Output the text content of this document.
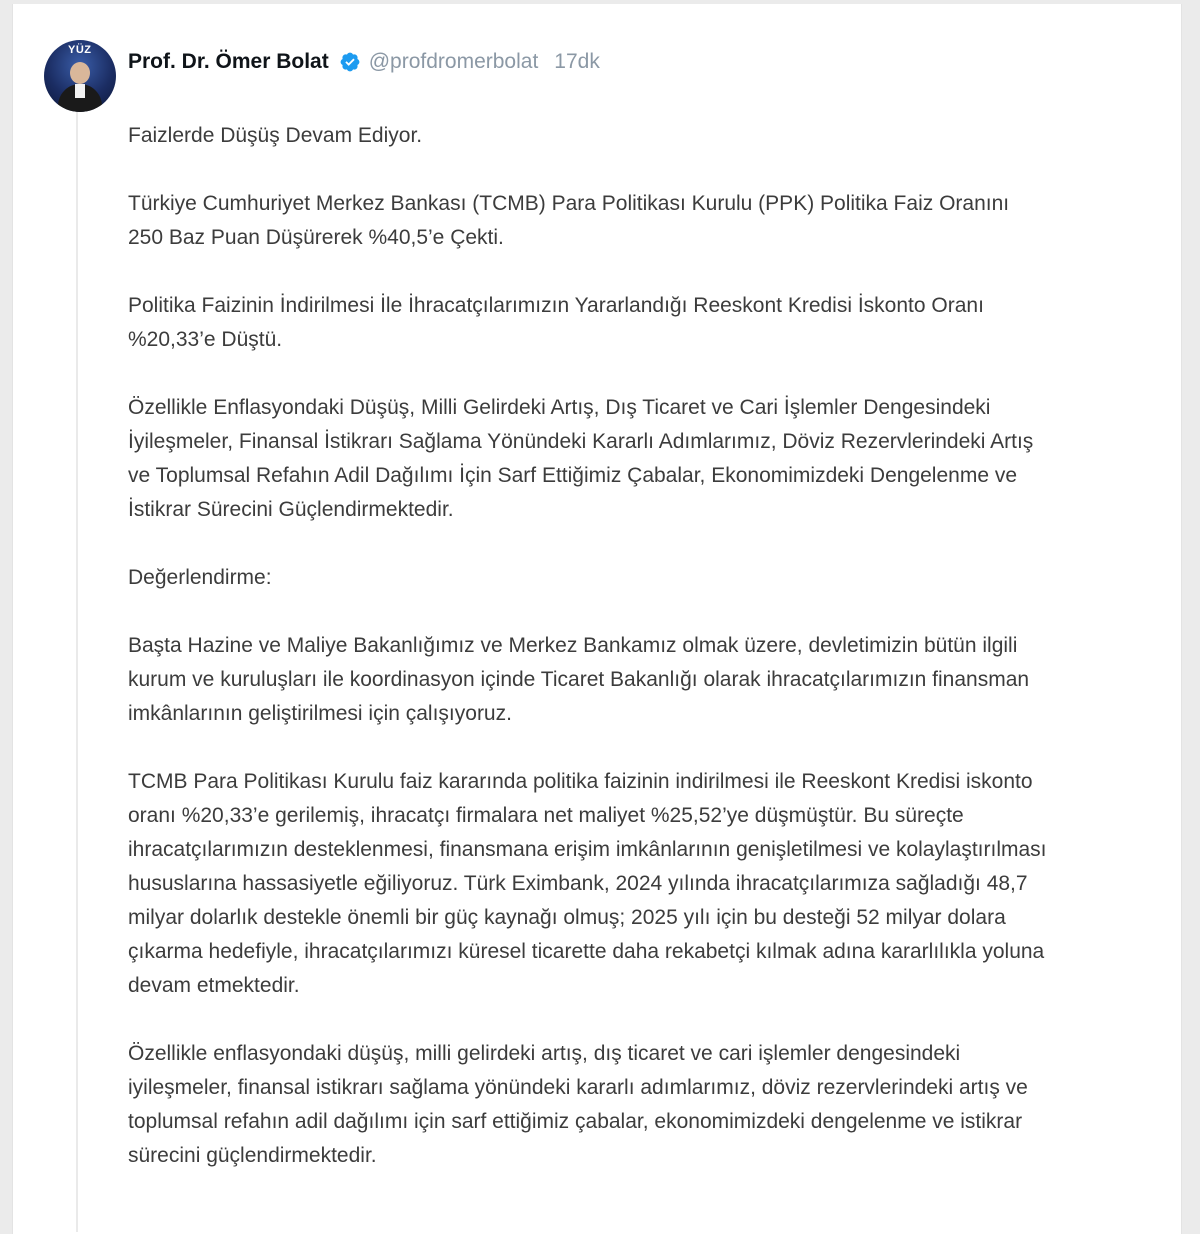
YÜZ Prof. Dr. Ömer Bolat @profdromerbolat 17dk

Faizlerde Düşüş Devam Ediyor.

Türkiye Cumhuriyet Merkez Bankası (TCMB) Para Politikası Kurulu (PPK) Politika Faiz Oranını 250 Baz Puan Düşürerek %40,5’e Çekti.

Politika Faizinin İndirilmesi İle İhracatçılarımızın Yararlandığı Reeskont Kredisi İskonto Oranı %20,33’e Düştü.

Özellikle Enflasyondaki Düşüş, Milli Gelirdeki Artış, Dış Ticaret ve Cari İşlemler Dengesindeki İyileşmeler, Finansal İstikrarı Sağlama Yönündeki Kararlı Adımlarımız, Döviz Rezervlerindeki Artış ve Toplumsal Refahın Adil Dağılımı İçin Sarf Ettiğimiz Çabalar, Ekonomimizdeki Dengelenme ve İstikrar Sürecini Güçlendirmektedir.

Değerlendirme:

Başta Hazine ve Maliye Bakanlığımız ve Merkez Bankamız olmak üzere, devletimizin bütün ilgili kurum ve kuruluşları ile koordinasyon içinde Ticaret Bakanlığı olarak ihracatçılarımızın finansman imkânlarının geliştirilmesi için çalışıyoruz.

TCMB Para Politikası Kurulu faiz kararında politika faizinin indirilmesi ile Reeskont Kredisi iskonto oranı %20,33’e gerilemiş, ihracatçı firmalara net maliyet %25,52’ye düşmüştür. Bu süreçte ihracatçılarımızın desteklenmesi, finansmana erişim imkânlarının genişletilmesi ve kolaylaştırılması hususlarına hassasiyetle eğiliyoruz. Türk Eximbank, 2024 yılında ihracatçılarımıza sağladığı 48,7 milyar dolarlık destekle önemli bir güç kaynağı olmuş; 2025 yılı için bu desteği 52 milyar dolara çıkarma hedefiyle, ihracatçılarımızı küresel ticarette daha rekabetçi kılmak adına kararlılıkla yoluna devam etmektedir.

Özellikle enflasyondaki düşüş, milli gelirdeki artış, dış ticaret ve cari işlemler dengesindeki iyileşmeler, finansal istikrarı sağlama yönündeki kararlı adımlarımız, döviz rezervlerindeki artış ve toplumsal refahın adil dağılımı için sarf ettiğimiz çabalar, ekonomimizdeki dengelenme ve istikrar sürecini güçlendirmektedir.
